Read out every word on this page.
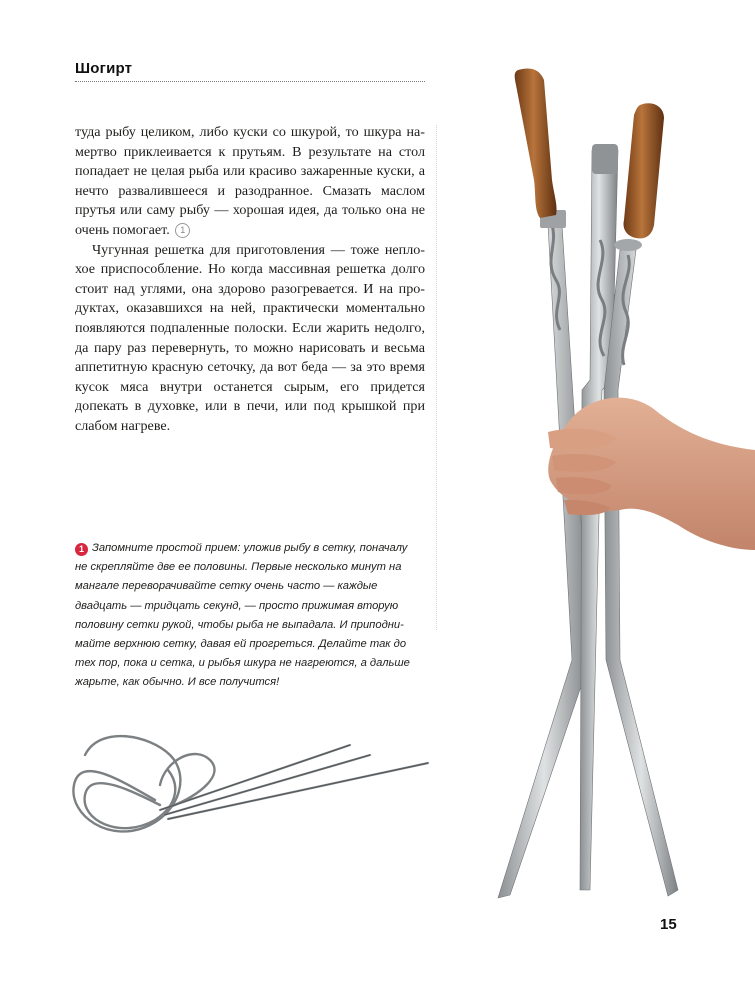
Шогирт

туда рыбу целиком, либо куски со шкурой, то шкура намертво приклеивается к прутьям. В результате на стол попадает не целая рыба или красиво зажаренные куски, а нечто развалившееся и разодранное. Смазать маслом прутья или саму рыбу — хорошая идея, да только она не очень помогает. 1

Чугунная решетка для приготовления — тоже неплохое приспособление. Но когда массивная решетка долго стоит над углями, она здорово разогревается. И на продуктах, оказавшихся на ней, практически моментально появляются подпаленные полоски. Если жарить недолго, да пару раз перевернуть, то можно нарисовать и весьма аппетитную красную сеточку, да вот беда — за это время кусок мяса внутри останется сырым, его придется допекать в духовке, или в печи, или под крышкой при слабом нагреве.

1 Запомните простой прием: уложив рыбу в сетку, поначалу не скрепляйте две ее половины. Первые несколько минут на мангале переворачивайте сетку очень часто — каждые двадцать — тридцать секунд, — просто прижимая вторую половину сетки рукой, чтобы рыба не выпадала. И приподнимайте верхнюю сетку, давая ей прогреться. Делайте так до тех пор, пока и сетка, и рыбья шкура не нагреются, а дальше жарьте, как обычно. И все получится!
15
